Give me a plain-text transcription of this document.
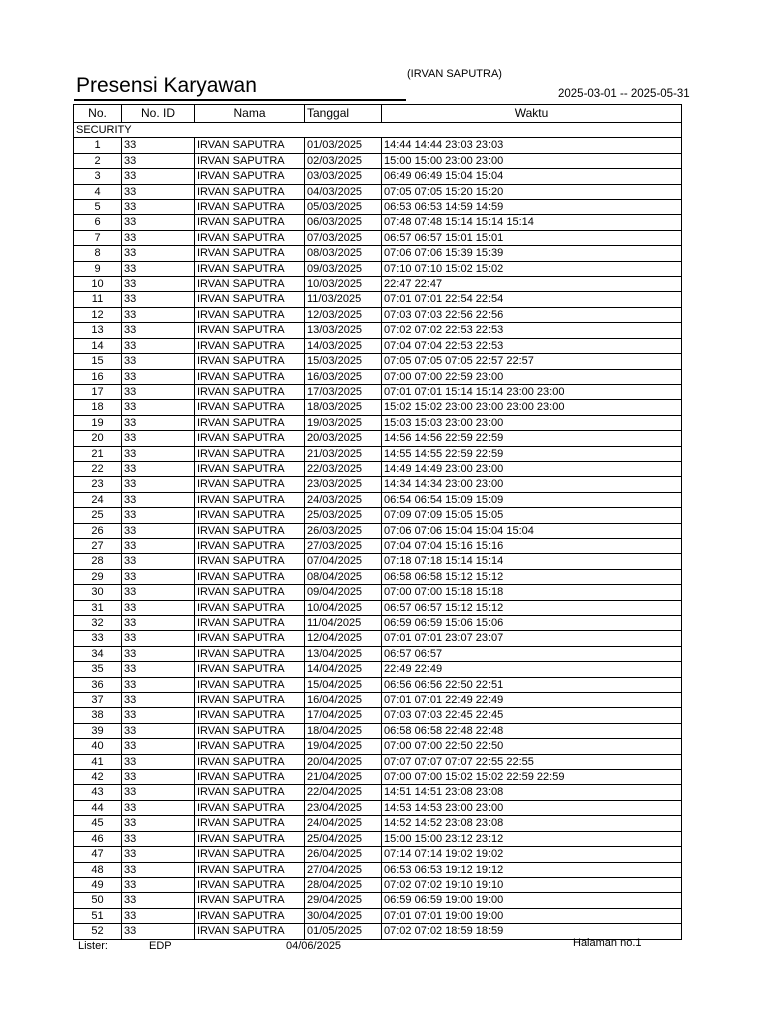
Presensi Karyawan	(IRVAN SAPUTRA)
2025-03-01 -- 2025-05-31
No.	No. ID	Nama	Tanggal	Waktu
SECURITY				
1	33	IRVAN SAPUTRA	01/03/2025	14:44 14:44 23:03 23:03
2	33	IRVAN SAPUTRA	02/03/2025	15:00 15:00 23:00 23:00
3	33	IRVAN SAPUTRA	03/03/2025	06:49 06:49 15:04 15:04
4	33	IRVAN SAPUTRA	04/03/2025	07:05 07:05 15:20 15:20
5	33	IRVAN SAPUTRA	05/03/2025	06:53 06:53 14:59 14:59
6	33	IRVAN SAPUTRA	06/03/2025	07:48 07:48 15:14 15:14 15:14
7	33	IRVAN SAPUTRA	07/03/2025	06:57 06:57 15:01 15:01
8	33	IRVAN SAPUTRA	08/03/2025	07:06 07:06 15:39 15:39
9	33	IRVAN SAPUTRA	09/03/2025	07:10 07:10 15:02 15:02
10	33	IRVAN SAPUTRA	10/03/2025	22:47 22:47
11	33	IRVAN SAPUTRA	11/03/2025	07:01 07:01 22:54 22:54
12	33	IRVAN SAPUTRA	12/03/2025	07:03 07:03 22:56 22:56
13	33	IRVAN SAPUTRA	13/03/2025	07:02 07:02 22:53 22:53
14	33	IRVAN SAPUTRA	14/03/2025	07:04 07:04 22:53 22:53
15	33	IRVAN SAPUTRA	15/03/2025	07:05 07:05 07:05 22:57 22:57
16	33	IRVAN SAPUTRA	16/03/2025	07:00 07:00 22:59 23:00
17	33	IRVAN SAPUTRA	17/03/2025	07:01 07:01 15:14 15:14 23:00 23:00
18	33	IRVAN SAPUTRA	18/03/2025	15:02 15:02 23:00 23:00 23:00 23:00
19	33	IRVAN SAPUTRA	19/03/2025	15:03 15:03 23:00 23:00
20	33	IRVAN SAPUTRA	20/03/2025	14:56 14:56 22:59 22:59
21	33	IRVAN SAPUTRA	21/03/2025	14:55 14:55 22:59 22:59
22	33	IRVAN SAPUTRA	22/03/2025	14:49 14:49 23:00 23:00
23	33	IRVAN SAPUTRA	23/03/2025	14:34 14:34 23:00 23:00
24	33	IRVAN SAPUTRA	24/03/2025	06:54 06:54 15:09 15:09
25	33	IRVAN SAPUTRA	25/03/2025	07:09 07:09 15:05 15:05
26	33	IRVAN SAPUTRA	26/03/2025	07:06 07:06 15:04 15:04 15:04
27	33	IRVAN SAPUTRA	27/03/2025	07:04 07:04 15:16 15:16
28	33	IRVAN SAPUTRA	07/04/2025	07:18 07:18 15:14 15:14
29	33	IRVAN SAPUTRA	08/04/2025	06:58 06:58 15:12 15:12
30	33	IRVAN SAPUTRA	09/04/2025	07:00 07:00 15:18 15:18
31	33	IRVAN SAPUTRA	10/04/2025	06:57 06:57 15:12 15:12
32	33	IRVAN SAPUTRA	11/04/2025	06:59 06:59 15:06 15:06
33	33	IRVAN SAPUTRA	12/04/2025	07:01 07:01 23:07 23:07
34	33	IRVAN SAPUTRA	13/04/2025	06:57 06:57
35	33	IRVAN SAPUTRA	14/04/2025	22:49 22:49
36	33	IRVAN SAPUTRA	15/04/2025	06:56 06:56 22:50 22:51
37	33	IRVAN SAPUTRA	16/04/2025	07:01 07:01 22:49 22:49
38	33	IRVAN SAPUTRA	17/04/2025	07:03 07:03 22:45 22:45
39	33	IRVAN SAPUTRA	18/04/2025	06:58 06:58 22:48 22:48
40	33	IRVAN SAPUTRA	19/04/2025	07:00 07:00 22:50 22:50
41	33	IRVAN SAPUTRA	20/04/2025	07:07 07:07 07:07 22:55 22:55
42	33	IRVAN SAPUTRA	21/04/2025	07:00 07:00 15:02 15:02 22:59 22:59
43	33	IRVAN SAPUTRA	22/04/2025	14:51 14:51 23:08 23:08
44	33	IRVAN SAPUTRA	23/04/2025	14:53 14:53 23:00 23:00
45	33	IRVAN SAPUTRA	24/04/2025	14:52 14:52 23:08 23:08
46	33	IRVAN SAPUTRA	25/04/2025	15:00 15:00 23:12 23:12
47	33	IRVAN SAPUTRA	26/04/2025	07:14 07:14 19:02 19:02
48	33	IRVAN SAPUTRA	27/04/2025	06:53 06:53 19:12 19:12
49	33	IRVAN SAPUTRA	28/04/2025	07:02 07:02 19:10 19:10
50	33	IRVAN SAPUTRA	29/04/2025	06:59 06:59 19:00 19:00
51	33	IRVAN SAPUTRA	30/04/2025	07:01 07:01 19:00 19:00
52	33	IRVAN SAPUTRA	01/05/2025	07:02 07:02 18:59 18:59
Lister:	EDP	04/06/2025	Halaman no.1
